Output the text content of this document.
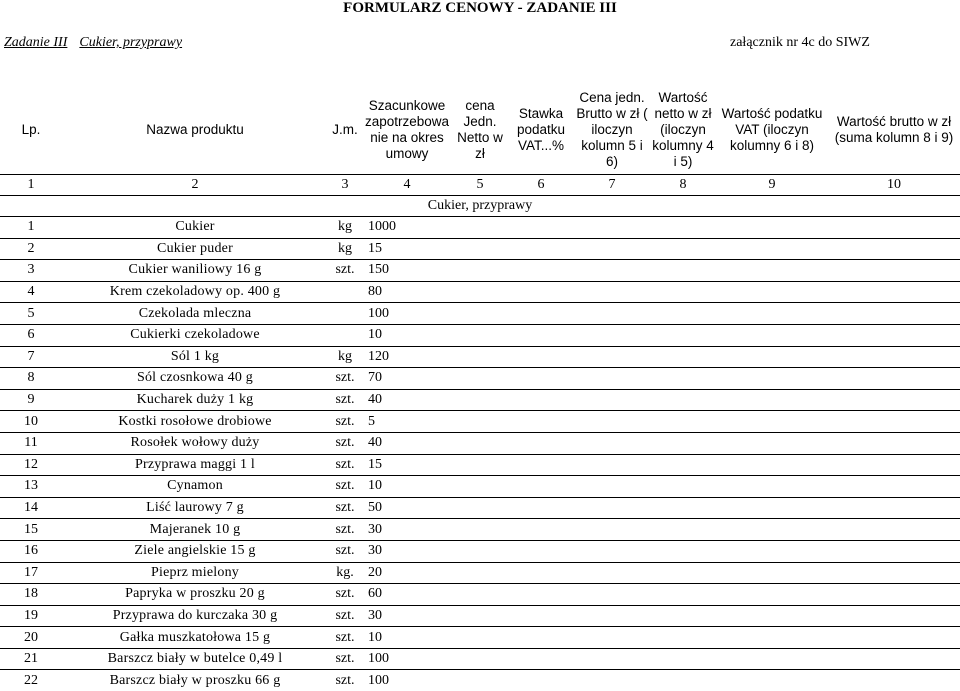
FORMULARZ CENOWY - ZADANIE III
Zadanie III Cukier, przyprawy	załącznik nr 4c do SIWZ
Lp.	Nazwa produktu	J.m.	Szacunkowe zapotrzebowa nie na okres umowy	cena Jedn. Netto w zł	Stawka podatku VAT...%	Cena jedn. Brutto w zł ( iloczyn kolumn 5 i 6)	Wartość netto w zł (iloczyn kolumny 4 i 5)	Wartość podatku VAT (iloczyn kolumny 6 i 8)	Wartość brutto w zł (suma kolumn 8 i 9)
1	2	3	4	5	6	7	8	9	10
Cukier, przyprawy									
1	Cukier	kg	1000						
2	Cukier puder	kg	15						
3	Cukier waniliowy 16 g	szt.	150						
4	Krem czekoladowy op. 400 g		80						
5	Czekolada mleczna		100						
6	Cukierki czekoladowe		10						
7	Sól 1 kg	kg	120						
8	Sól czosnkowa 40 g	szt.	70						
9	Kucharek duży 1 kg	szt.	40						
10	Kostki rosołowe drobiowe	szt.	5						
11	Rosołek wołowy duży	szt.	40						
12	Przyprawa maggi 1 l	szt.	15						
13	Cynamon	szt.	10						
14	Liść laurowy 7 g	szt.	50						
15	Majeranek 10 g	szt.	30						
16	Ziele angielskie 15 g	szt.	30						
17	Pieprz mielony	kg.	20						
18	Papryka w proszku 20 g	szt.	60						
19	Przyprawa do kurczaka 30 g	szt.	30						
20	Gałka muszkatołowa 15 g	szt.	10						
21	Barszcz biały w butelce 0,49 l	szt.	100						
22	Barszcz biały w proszku 66 g	szt.	100						
